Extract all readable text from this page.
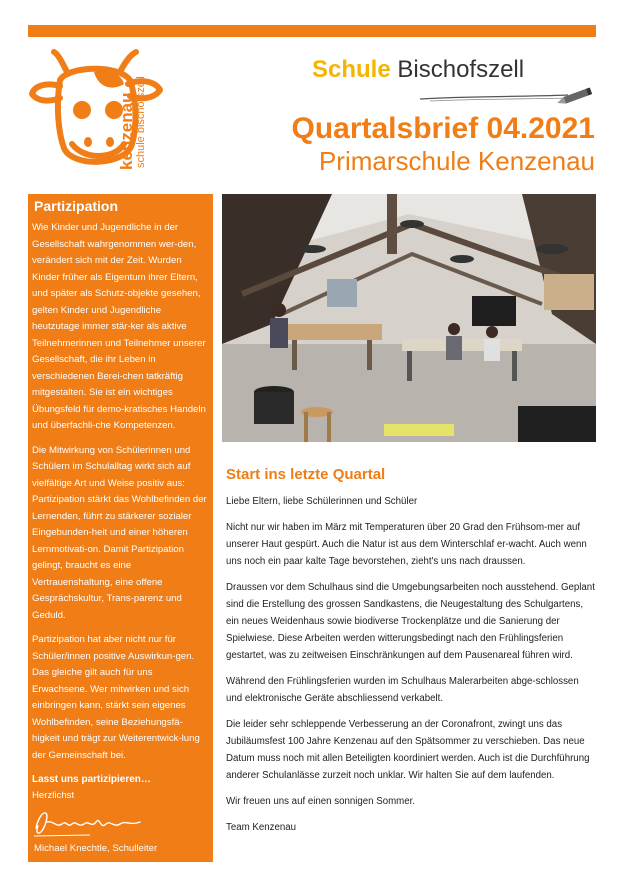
kenzenau schule bischofszell
Schule Bischofszell
Quartalsbrief 04.2021
Primarschule Kenzenau
Partizipation

Wie Kinder und Jugendliche in der Gesellschaft wahrgenommen wer-den, verändert sich mit der Zeit. Wurden Kinder früher als Eigentum ihrer Eltern, und später als Schutz-objekte gesehen, gelten Kinder und Jugendliche heutzutage immer stär-ker als aktive Teilnehmerinnen und Teilnehmer unserer Gesellschaft, die ihr Leben in verschiedenen Berei-chen tatkräftig mitgestalten. Sie ist ein wichtiges Übungsfeld für demo-kratisches Handeln und überfachli-che Kompetenzen.

Die Mitwirkung von Schülerinnen und Schülern im Schulalltag wirkt sich auf vielfältige Art und Weise positiv aus: Partizipation stärkt das Wohlbefinden der Lernenden, führt zu stärkerer sozialer Eingebunden-heit und einer höheren Lernmotivati-on. Damit Partizipation gelingt, braucht es eine Vertrauenshaltung, eine offene Gesprächskultur, Trans-parenz und Geduld.

Partizipation hat aber nicht nur für Schüler/innen positive Auswirkun-gen. Das gleiche gilt auch für uns Erwachsene. Wer mitwirken und sich einbringen kann, stärkt sein eigenes Wohlbefinden, seine Beziehungsfä-higkeit und trägt zur Weiterentwick-lung der Gemeinschaft bei.

Lasst uns partizipieren…

Herzlichst

Michael Knechtle, Schulleiter
Start ins letzte Quartal

Liebe Eltern, liebe Schülerinnen und Schüler

Nicht nur wir haben im März mit Temperaturen über 20 Grad den Frühsom-mer auf unserer Haut gespürt. Auch die Natur ist aus dem Winterschlaf er-wacht. Auch wenn uns noch ein paar kalte Tage bevorstehen, zieht's uns nach draussen.

Draussen vor dem Schulhaus sind die Umgebungsarbeiten noch ausstehend. Geplant sind die Erstellung des grossen Sandkastens, die Neugestaltung des Schulgartens, ein neues Weidenhaus sowie biodiverse Trockenplätze und die Sanierung der Spielwiese. Diese Arbeiten werden witterungsbedingt nach den Frühlingsferien gestartet, was zu zeitweisen Einschränkungen auf dem Pausenareal führen wird.

Während den Frühlingsferien wurden im Schulhaus Malerarbeiten abge-schlossen und elektronische Geräte abschliessend verkabelt.

Die leider sehr schleppende Verbesserung an der Coronafront, zwingt uns das Jubiläumsfest 100 Jahre Kenzenau auf den Spätsommer zu verschieben. Das neue Datum muss noch mit allen Beteiligten koordiniert werden. Auch ist die Durchführung anderer Schulanlässe zurzeit noch unklar. Wir halten Sie auf dem laufenden.

Wir freuen uns auf einen sonnigen Sommer.

Team Kenzenau
